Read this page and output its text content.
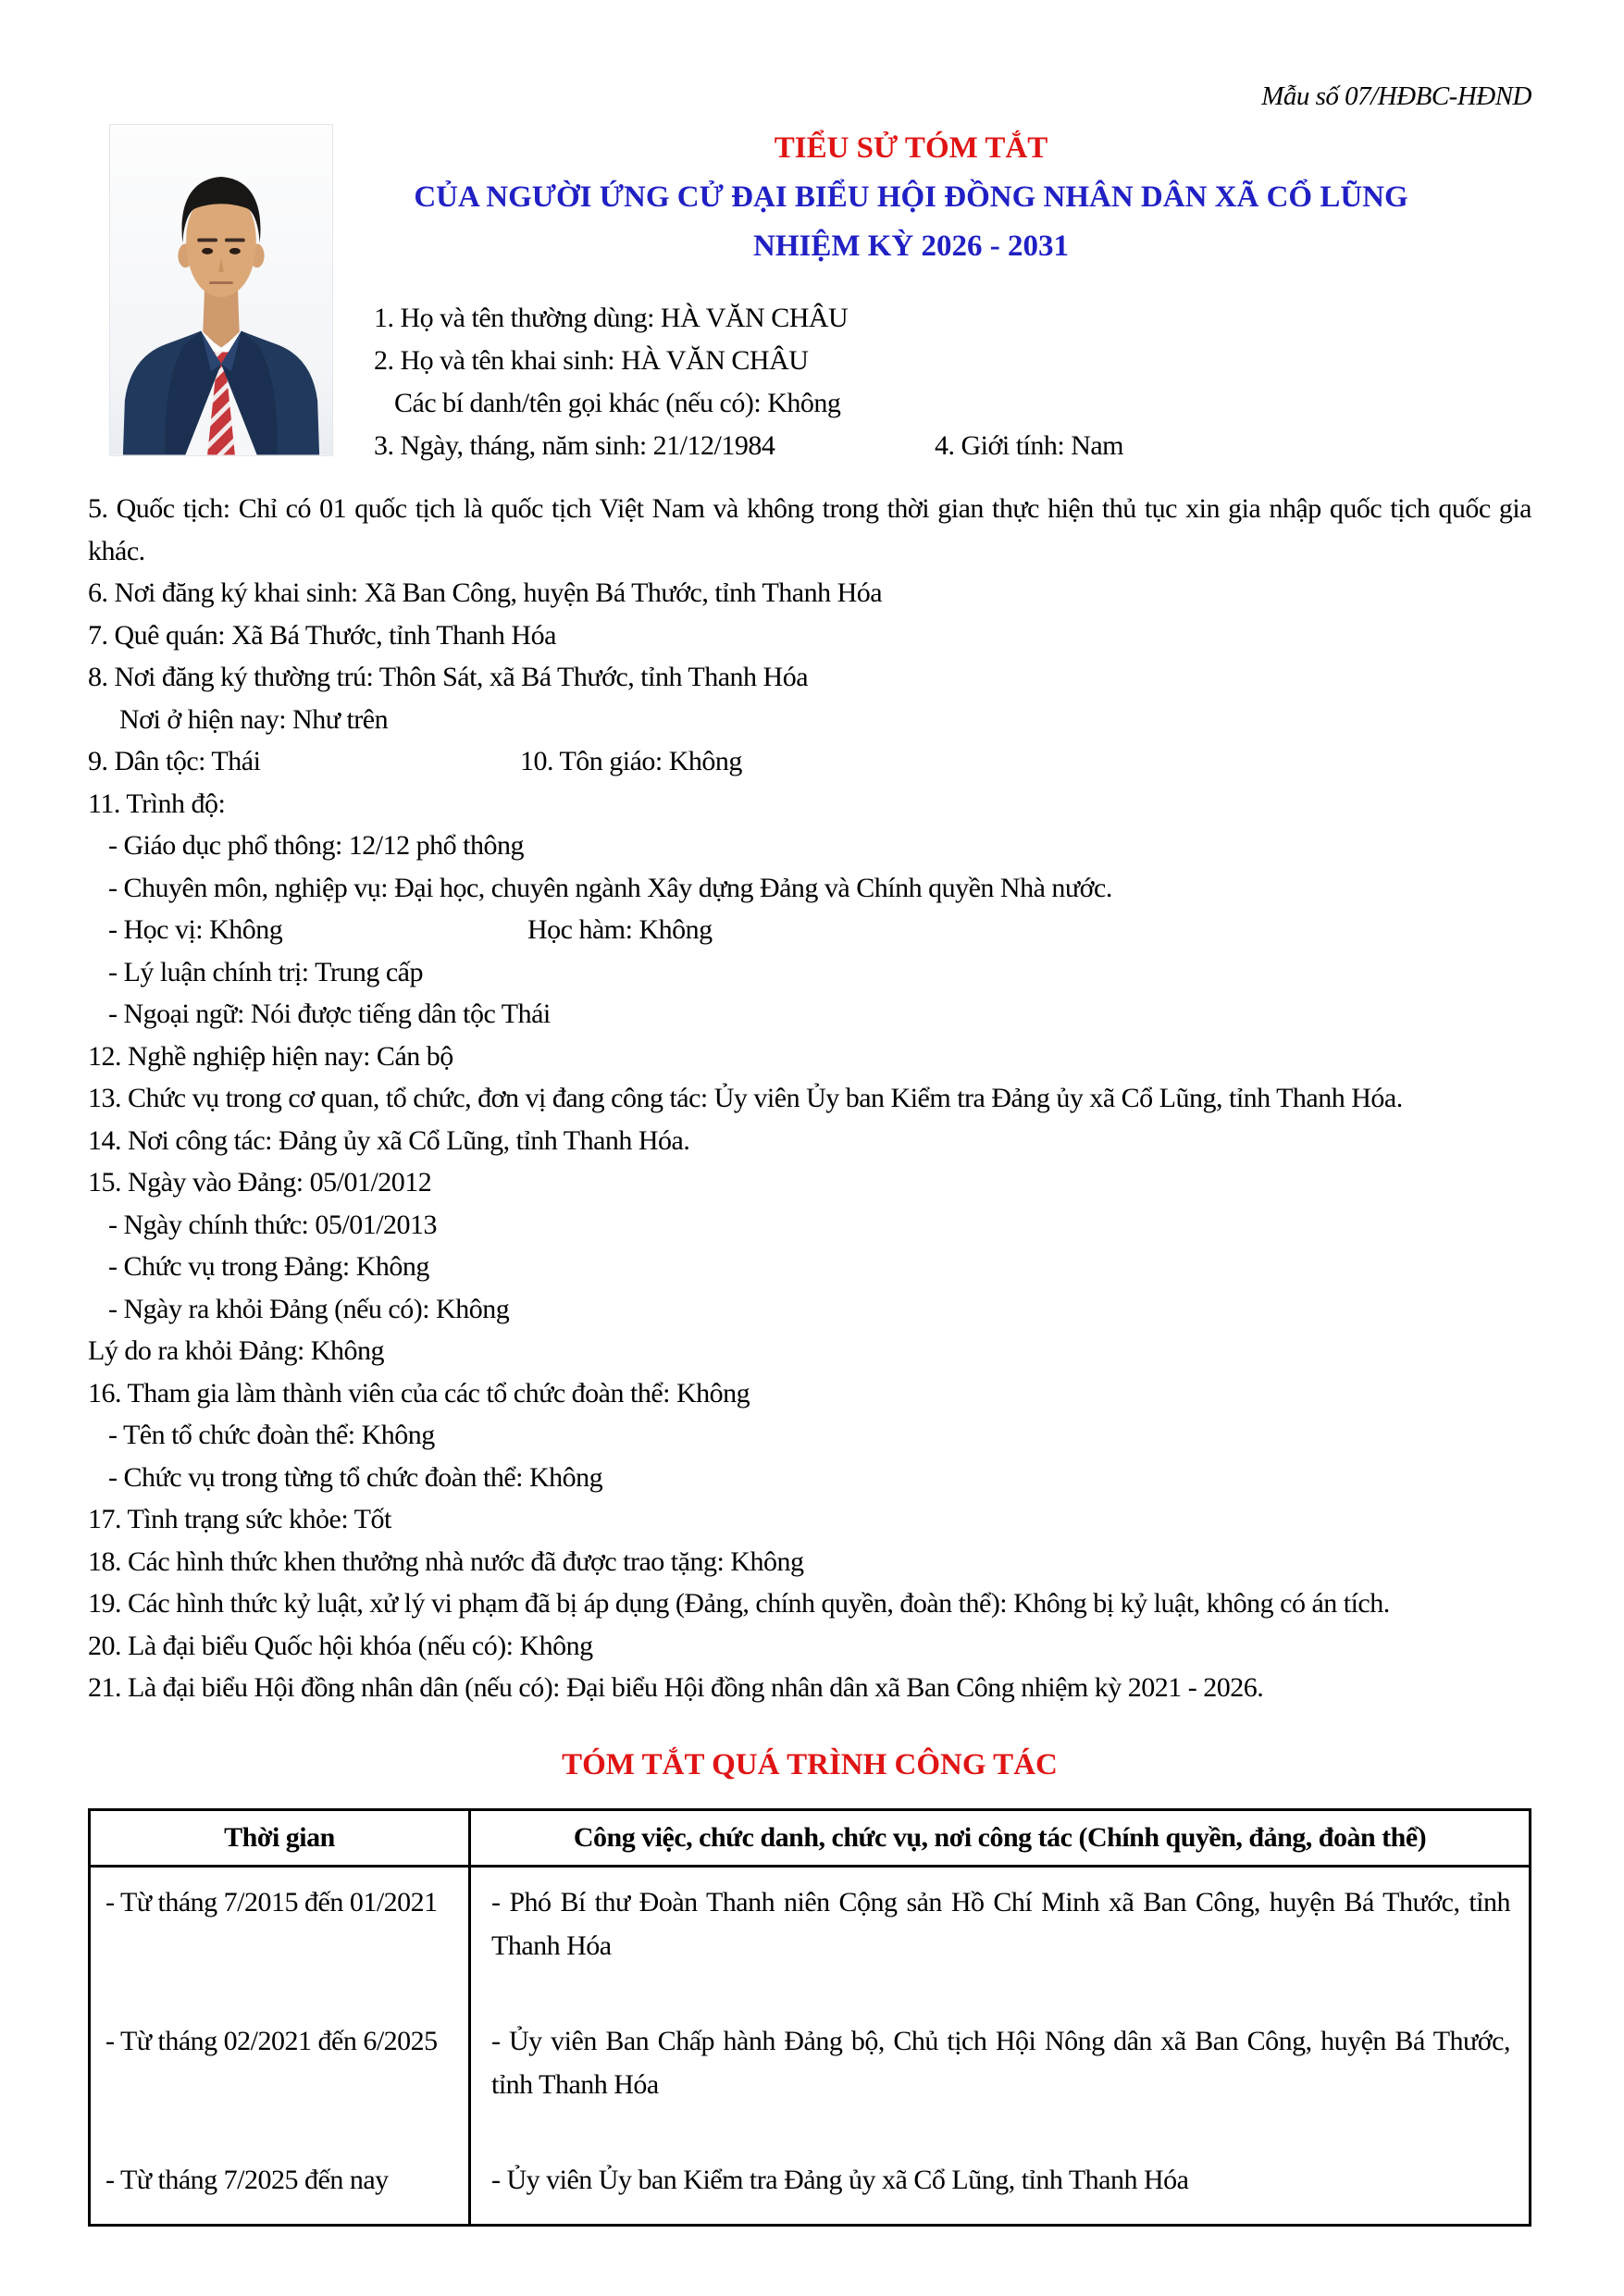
Mẫu số 07/HĐBC-HĐND
TIỂU SỬ TÓM TẮT
CỦA NGƯỜI ỨNG CỬ ĐẠI BIỂU HỘI ĐỒNG NHÂN DÂN XÃ CỔ LŨNG
NHIỆM KỲ 2026 - 2031

1. Họ và tên thường dùng: HÀ VĂN CHÂU

2. Họ và tên khai sinh: HÀ VĂN CHÂU

Các bí danh/tên gọi khác (nếu có): Không

3. Ngày, tháng, năm sinh: 21/12/1984	4. Giới tính: Nam

5. Quốc tịch: Chỉ có 01 quốc tịch là quốc tịch Việt Nam và không trong thời gian thực hiện thủ tục xin gia nhập quốc tịch quốc gia khác.

6. Nơi đăng ký khai sinh: Xã Ban Công, huyện Bá Thước, tỉnh Thanh Hóa

7. Quê quán: Xã Bá Thước, tỉnh Thanh Hóa

8. Nơi đăng ký thường trú: Thôn Sát, xã Bá Thước, tỉnh Thanh Hóa

Nơi ở hiện nay: Như trên

9. Dân tộc: Thái	10. Tôn giáo: Không

11. Trình độ:

- Giáo dục phổ thông: 12/12 phổ thông

- Chuyên môn, nghiệp vụ: Đại học, chuyên ngành Xây dựng Đảng và Chính quyền Nhà nước.

- Học vị: Không	Học hàm: Không

- Lý luận chính trị: Trung cấp

- Ngoại ngữ: Nói được tiếng dân tộc Thái

12. Nghề nghiệp hiện nay: Cán bộ

13. Chức vụ trong cơ quan, tổ chức, đơn vị đang công tác: Ủy viên Ủy ban Kiểm tra Đảng ủy xã Cổ Lũng, tỉnh Thanh Hóa.

14. Nơi công tác: Đảng ủy xã Cổ Lũng, tỉnh Thanh Hóa.

15. Ngày vào Đảng: 05/01/2012

- Ngày chính thức: 05/01/2013

- Chức vụ trong Đảng: Không

- Ngày ra khỏi Đảng (nếu có): Không

Lý do ra khỏi Đảng: Không

16. Tham gia làm thành viên của các tổ chức đoàn thể: Không

- Tên tổ chức đoàn thể: Không

- Chức vụ trong từng tổ chức đoàn thể: Không

17. Tình trạng sức khỏe: Tốt

18. Các hình thức khen thưởng nhà nước đã được trao tặng: Không

19. Các hình thức kỷ luật, xử lý vi phạm đã bị áp dụng (Đảng, chính quyền, đoàn thể): Không bị kỷ luật, không có án tích.

20. Là đại biểu Quốc hội khóa (nếu có): Không

21. Là đại biểu Hội đồng nhân dân (nếu có): Đại biểu Hội đồng nhân dân xã Ban Công nhiệm kỳ 2021 - 2026.

TÓM TẮT QUÁ TRÌNH CÔNG TÁC
Thời gian	Công việc, chức danh, chức vụ, nơi công tác (Chính quyền, đảng, đoàn thể)
- Từ tháng 7/2015 đến 01/2021	- Phó Bí thư Đoàn Thanh niên Cộng sản Hồ Chí Minh xã Ban Công, huyện Bá Thước, tỉnh Thanh Hóa
- Từ tháng 02/2021 đến 6/2025	- Ủy viên Ban Chấp hành Đảng bộ, Chủ tịch Hội Nông dân xã Ban Công, huyện Bá Thước, tỉnh Thanh Hóa
- Từ tháng 7/2025 đến nay	- Ủy viên Ủy ban Kiểm tra Đảng ủy xã Cổ Lũng, tỉnh Thanh Hóa
